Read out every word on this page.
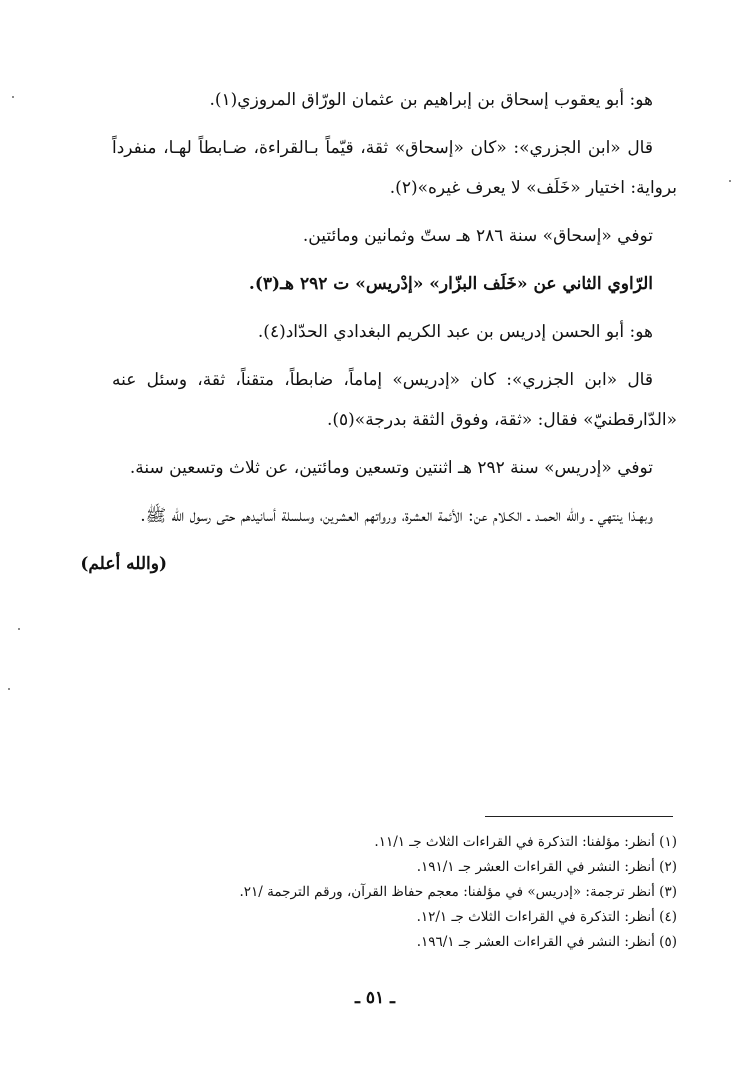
هو: أبو يعقوب إسحاق بن إبراهيم بن عثمان الورّاق المروزي(١).

قال «ابن الجزري»: «كان «إسحاق» ثقة، قيّماً بـالقراءة، ضـابطاً لهـا، منفرداً برواية: اختيار «خَلَف» لا يعرف غيره»(٢).

توفي «إسحاق» سنة ٢٨٦ هـ ستّ وثمانين ومائتين.

الرّاوي الثاني عن «خَلَف البزّار» «إدْريس» ت ٢٩٢ هـ(٣).

هو: أبو الحسن إدريس بن عبد الكريم البغدادي الحدّاد(٤).

قال «ابن الجزري»: كان «إدريس» إماماً، ضابطاً، متقناً، ثقة، وسئل عنه «الدّارقطنيّ» فقال: «ثقة، وفوق الثقة بدرجة»(٥).

توفي «إدريس» سنة ٢٩٢ هـ اثنتين وتسعين ومائتين، عن ثلاث وتسعين سنة.

وبهـذا ينتهي ـ والله الحمـد ـ الكـلام عن: الأئمة العشرة، ورواتهم العشرين، وسلسلة أسانيدهم حتى رسول الله ﷺ.

(والله أعلم)
(١) أنظر: مؤلفنا: التذكرة في القراءات الثلاث جـ ١١/١.
(٢) أنظر: النشر في القراءات العشر جـ ١٩١/١.
(٣) أنظر ترجمة: «إدريس» في مؤلفنا: معجم حفاظ القرآن، ورقم الترجمة /٢١.
(٤) أنظر: التذكرة في القراءات الثلاث جـ ١٢/١.
(٥) أنظر: النشر في القراءات العشر جـ ١٩٦/١.
ـ ٥١ ـ
